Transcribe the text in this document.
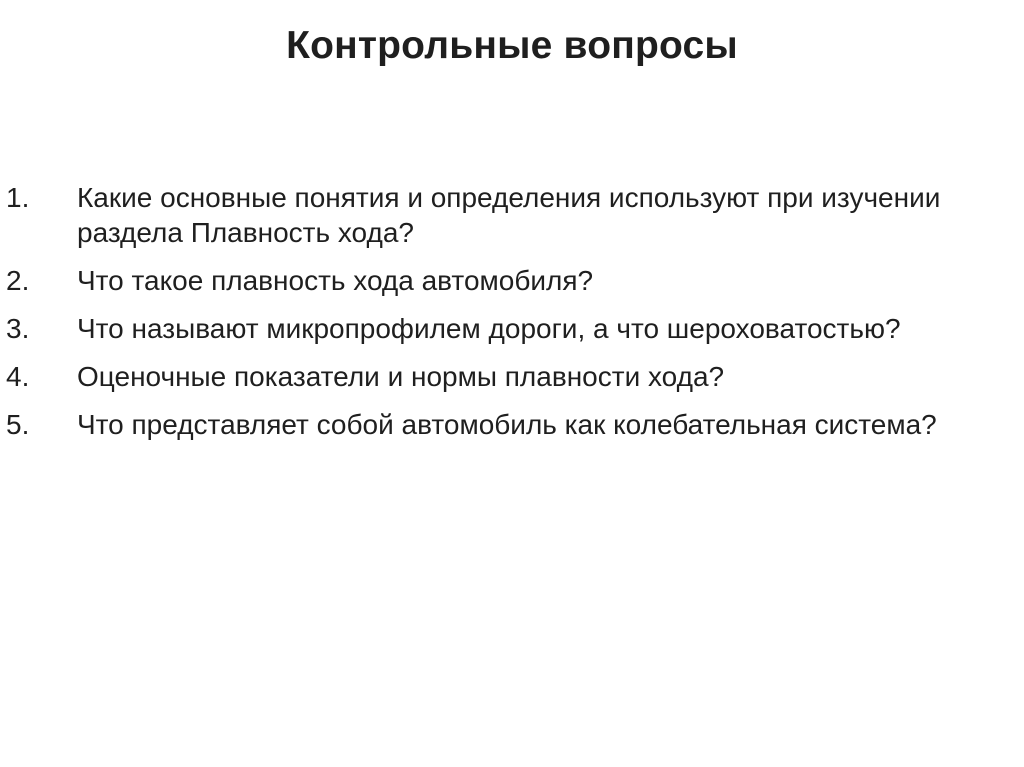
Контрольные вопросы
1.	Какие основные понятия и определения используют при изучении раздела Плавность хода?
2.	Что такое плавность хода автомобиля?
3.	Что называют микропрофилем дороги, а что шероховатостью?
4.	Оценочные показатели и нормы плавности хода?
5.	Что представляет собой автомобиль как колебательная система?
